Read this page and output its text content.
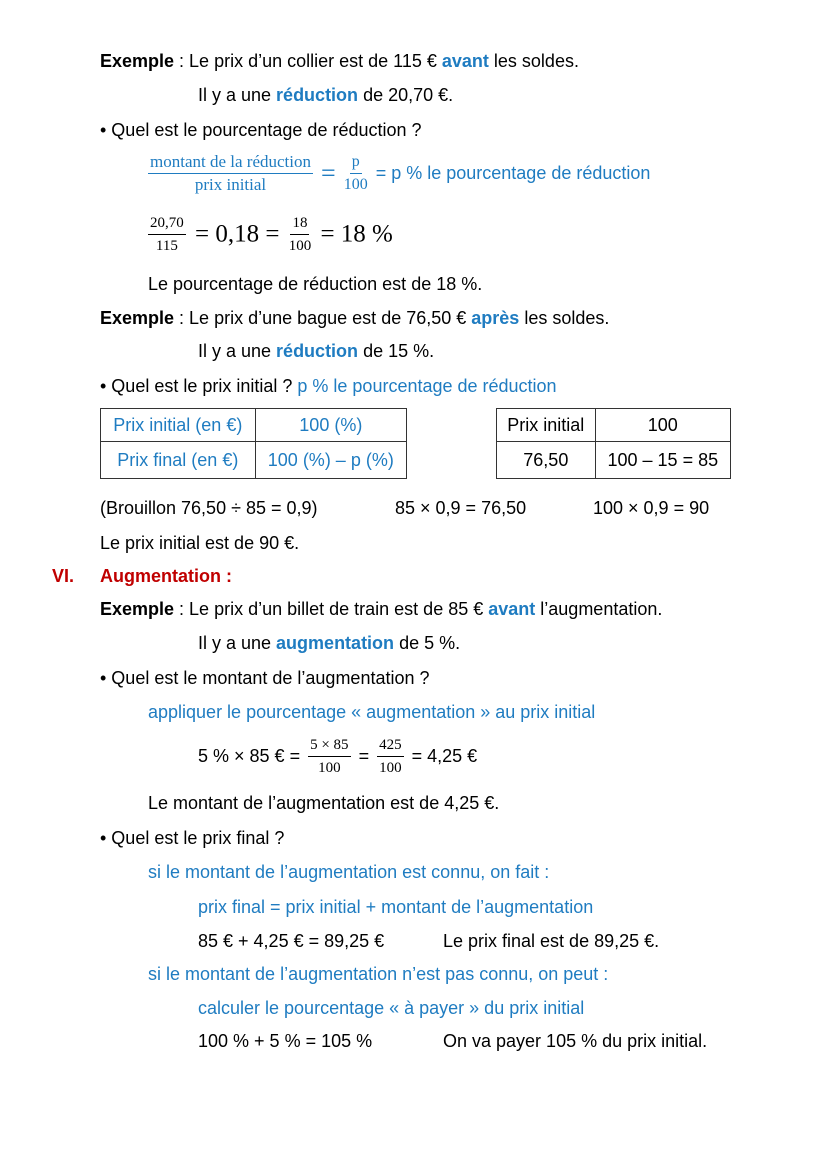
Exemple : Le prix d’un collier est de 115 € avant les soldes.
Il y a une réduction de 20,70 €.
• Quel est le pourcentage de réduction ?
$\frac{\text{montant de la réduction}}{\text{prix initial}} = \frac{p}{100} = p$ % le pourcentage de réduction
$\frac{20,70}{115} = 0,18 = \frac{18}{100} = 18$ %
Le pourcentage de réduction est de 18 %.
Exemple : Le prix d’une bague est de 76,50 € après les soldes.
Il y a une réduction de 15 %.
• Quel est le prix initial ? p % le pourcentage de réduction
Prix initial (en €)	100 (%)
Prix final (en €)	100 (%) – p (%)
Prix initial	100
76,50	100 – 15 = 85
(Brouillon 76,50 ÷ 85 = 0,9)	85 × 0,9 = 76,50	100 × 0,9 = 90
Le prix initial est de 90 €.
VI. Augmentation :
Exemple : Le prix d’un billet de train est de 85 € avant l’augmentation.
Il y a une augmentation de 5 %.
• Quel est le montant de l’augmentation ?
appliquer le pourcentage « augmentation » au prix initial
5 % × 85 € = $\frac{5 \times 85}{100} = \frac{425}{100} = 4,25$ €
Le montant de l’augmentation est de 4,25 €.
• Quel est le prix final ?
si le montant de l’augmentation est connu, on fait :
prix final = prix initial + montant de l’augmentation
85 € + 4,25 € = 89,25 €	Le prix final est de 89,25 €.
si le montant de l’augmentation n’est pas connu, on peut :
calculer le pourcentage « à payer » du prix initial
100 % + 5 % = 105 %	On va payer 105 % du prix initial.
